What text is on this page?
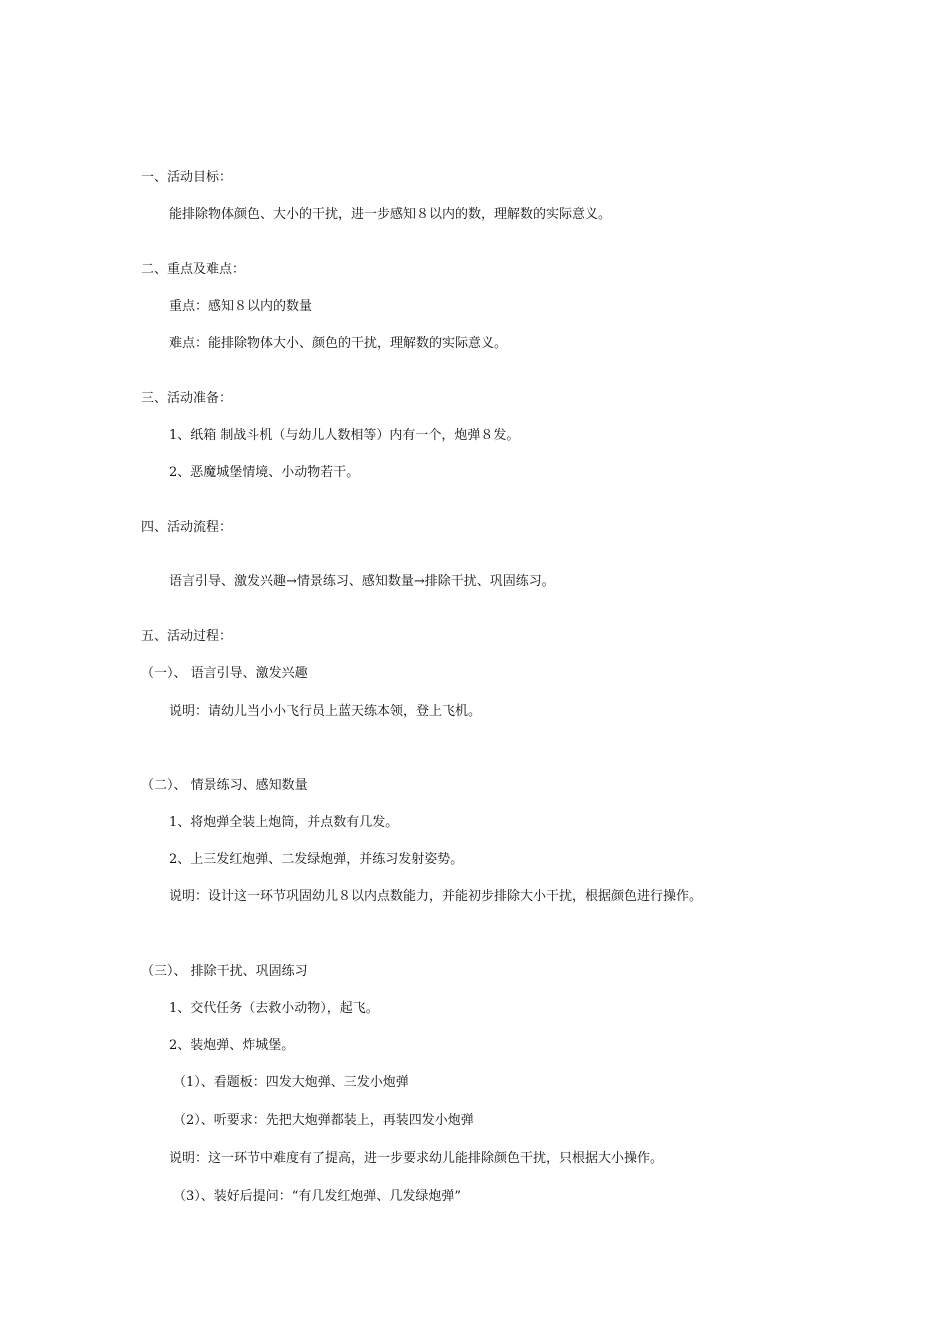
一、活动目标：
能排除物体颜色、大小的干扰，进一步感知８以内的数，理解数的实际意义。
二、重点及难点：
重点：感知８以内的数量
难点：能排除物体大小、颜色的干扰，理解数的实际意义。
三、活动准备：
1、纸箱 制战斗机（与幼儿人数相等）内有一个，炮弹８发。
2、恶魔城堡情境、小动物若干。
四、活动流程：
语言引导、激发兴趣→情景练习、感知数量→排除干扰、巩固练习。
五、活动过程：
（一）、 语言引导、激发兴趣
说明：请幼儿当小小飞行员上蓝天练本领，登上飞机。
（二）、 情景练习、感知数量
1、将炮弹全装上炮筒，并点数有几发。
2、上三发红炮弹、二发绿炮弹，并练习发射姿势。
说明：设计这一环节巩固幼儿８以内点数能力，并能初步排除大小干扰，根据颜色进行操作。
（三）、 排除干扰、巩固练习
1、交代任务（去救小动物），起飞。
2、装炮弹、炸城堡。
（1）、看题板：四发大炮弹、三发小炮弹
（2）、听要求：先把大炮弹都装上，再装四发小炮弹
说明：这一环节中难度有了提高，进一步要求幼儿能排除颜色干扰，只根据大小操作。
（3）、装好后提问：“有几发红炮弹、几发绿炮弹”
